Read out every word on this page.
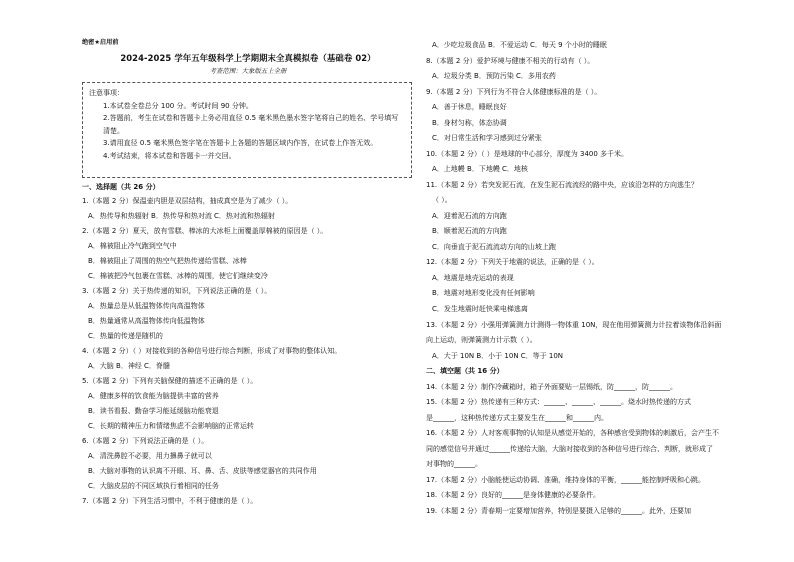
绝密★启用前
2024-2025 学年五年级科学上学期期末全真模拟卷（基础卷 02）
考查范围：大象版五上全册
注意事项：
1.本试卷全卷总分 100 分。考试时间 90 分钟。
2.答题前，考生在试卷和答题卡上务必用直径 0.5 毫米黑色墨水签字笔将自己的姓名、学号填写清楚。
3.请用直径 0.5 毫米黑色签字笔在答题卡上各题的答题区域内作答，在试卷上作答无效。
4.考试结束，将本试卷和答题卡一并交回。
一、选择题（共 26 分）
1.（本题 2 分）保温壶内胆是双层结构，抽成真空是为了减少（ ）。
A．热传导和热辐射 B．热传导和热对流 C．热对流和热辐射
2.（本题 2 分）夏天，放有雪糕、棒冰的大冰柜上面覆盖厚棉被的原因是（ ）。
A．棉被阻止冷气跑到空气中
B．棉被阻止了周围的热空气把热传递给雪糕、冰棒
C．棉被把冷气包裹在雪糕、冰棒的周围，使它们继续变冷
3.（本题 2 分）关于热传递的知识，下列说法正确的是（ ）。
A．热量总是从低温物体传向高温物体
B．热量通常从高温物体传向低温物体
C．热量的传递是随机的
4.（本题 2 分）（ ）对接收到的各种信号进行综合判断，形成了对事物的整体认知。
A．大脑 B．神经 C．脊髓
5.（本题 2 分）下列有关脑保健的描述不正确的是（ ）。
A．健康多样的饮食能为脑提供丰富的营养
B．读书看报、勤奋学习能延缓脑功能衰退
C．长期的精神压力和情绪焦虑不会影响脑的正常运转
6.（本题 2 分）下列说法正确的是（ ）。
A．清洗鼻腔不必要，用力擤鼻子就可以
B．大脑对事物的认识离不开眼、耳、鼻、舌、皮肤等感觉器官的共同作用
C．大脑皮层的不同区域执行着相同的任务
7.（本题 2 分）下列生活习惯中，不利于健康的是（ ）。
A．少吃垃圾食品 B．不爱运动 C．每天 9 个小时的睡眠
8.（本题 2 分）爱护环境与健康不相关的行动有（ ）。
A．垃圾分类 B．预防污染 C．多用农药
9.（本题 2 分）下列行为不符合人体健康标准的是（ ）。
A．善于休息，睡眠良好
B．身材匀称，体态协调
C．对日常生活和学习感到过分紧张
10.（本题 2 分）（ ）是地球的中心部分，厚度为 3400 多千米。
A．上地幔 B．下地幔 C．地核
11.（本题 2 分）若突发泥石流，在发生泥石流流经的路中央，应该沿怎样的方向逃生？
（ ）。
A．迎着泥石流的方向跑
B．顺着泥石流的方向跑
C．向垂直于泥石流流动方向的山坡上跑
12.（本题 2 分）下列关于地震的说法，正确的是（ ）。
A．地震是地壳运动的表现
B．地震对地形变化没有任何影响
C．发生地震时赶快乘电梯逃离
13.（本题 2 分）小强用弹簧测力计测得一物体重 10N，现在他用弹簧测力计拉着该物体沿斜面
向上运动，则弹簧测力计示数（ ）。
A．大于 10N B．小于 10N C．等于 10N
二、填空题（共 16 分）
14.（本题 2 分）制作冷藏箱时，箱子外面要贴一层锡纸，防______，防______。
15.（本题 2 分）热传递有三种方式：______、______、______。烧水时热传递的方式
是______，这种热传递方式主要发生在______和______内。
16.（本题 2 分）人对客观事物的认知是从感觉开始的，各种感官受到物体的刺激后，会产生不
同的感觉信号并通过______传递给大脑，大脑对接收到的各种信号进行综合、判断，就形成了
对事物的______。
17.（本题 2 分）小脑能使运动协调、准确，维持身体的平衡，______能控制呼吸和心跳。
18.（本题 2 分）良好的______是身体健康的必要条件。
19.（本题 2 分）青春期一定要增加营养，特别是要摄入足够的______。此外，还要加
